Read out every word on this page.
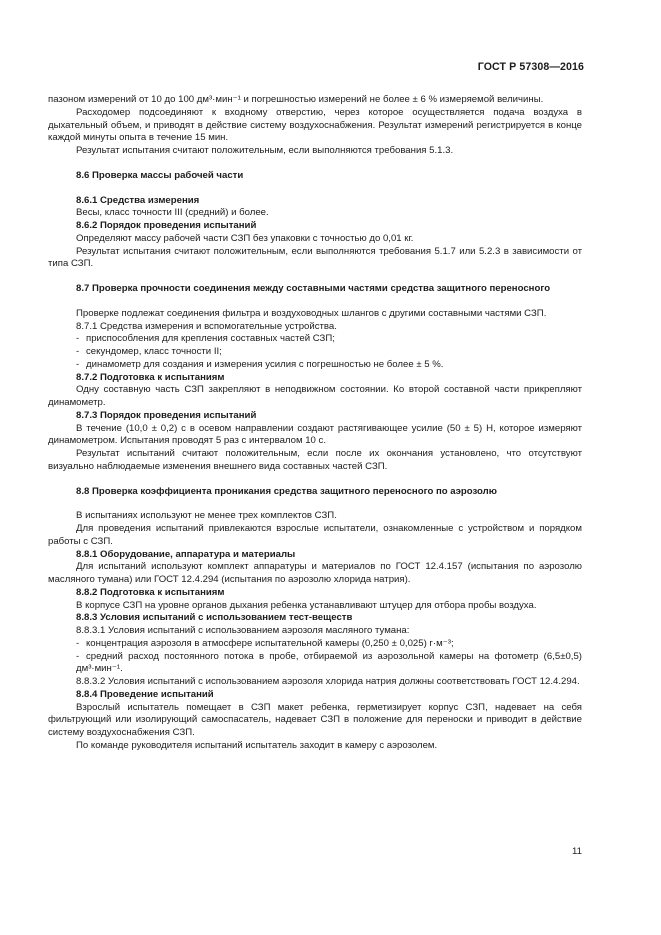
ГОСТ Р 57308—2016

пазоном измерений от 10 до 100 дм³·мин⁻¹ и погрешностью измерений не более ± 6 % измеряемой величины.

Расходомер подсоединяют к входному отверстию, через которое осуществляется подача воздуха в дыхательный объем, и приводят в действие систему воздухоснабжения. Результат измерений регистрируется в конце каждой минуты опыта в течение 15 мин.

Результат испытания считают положительным, если выполняются требования 5.1.3.

8.6 Проверка массы рабочей части

8.6.1 Средства измерения

Весы, класс точности III (средний) и более.

8.6.2 Порядок проведения испытаний

Определяют массу рабочей части СЗП без упаковки с точностью до 0,01 кг.

Результат испытания считают положительным, если выполняются требования 5.1.7 или 5.2.3 в зависимости от типа СЗП.

8.7 Проверка прочности соединения между составными частями средства защитного переносного

Проверке подлежат соединения фильтра и воздуховодных шлангов с другими составными частями СЗП.

8.7.1 Средства измерения и вспомогательные устройства.

- приспособления для крепления составных частей СЗП;

- секундомер, класс точности II;

- динамометр для создания и измерения усилия с погрешностью не более ± 5 %.

8.7.2 Подготовка к испытаниям

Одну составную часть СЗП закрепляют в неподвижном состоянии. Ко второй составной части прикрепляют динамометр.

8.7.3 Порядок проведения испытаний

В течение (10,0 ± 0,2) с в осевом направлении создают растягивающее усилие (50 ± 5) Н, которое измеряют динамометром. Испытания проводят 5 раз с интервалом 10 с.

Результат испытаний считают положительным, если после их окончания установлено, что отсутствуют визуально наблюдаемые изменения внешнего вида составных частей СЗП.

8.8 Проверка коэффициента проникания средства защитного переносного по аэрозолю

В испытаниях используют не менее трех комплектов СЗП.

Для проведения испытаний привлекаются взрослые испытатели, ознакомленные с устройством и порядком работы с СЗП.

8.8.1 Оборудование, аппаратура и материалы

Для испытаний используют комплект аппаратуры и материалов по ГОСТ 12.4.157 (испытания по аэрозолю масляного тумана) или ГОСТ 12.4.294 (испытания по аэрозолю хлорида натрия).

8.8.2 Подготовка к испытаниям

В корпусе СЗП на уровне органов дыхания ребенка устанавливают штуцер для отбора пробы воздуха.

8.8.3 Условия испытаний с использованием тест-веществ

8.8.3.1 Условия испытаний с использованием аэрозоля масляного тумана:

- концентрация аэрозоля в атмосфере испытательной камеры (0,250 ± 0,025) г·м⁻³;

- средний расход постоянного потока в пробе, отбираемой из аэрозольной камеры на фотометр (6,5±0,5) дм³·мин⁻¹.

8.8.3.2 Условия испытаний с использованием аэрозоля хлорида натрия должны соответствовать ГОСТ 12.4.294.

8.8.4 Проведение испытаний

Взрослый испытатель помещает в СЗП макет ребенка, герметизирует корпус СЗП, надевает на себя фильтрующий или изолирующий самоспасатель, надевает СЗП в положение для переноски и приводит в действие систему воздухоснабжения СЗП.

По команде руководителя испытаний испытатель заходит в камеру с аэрозолем.

11
